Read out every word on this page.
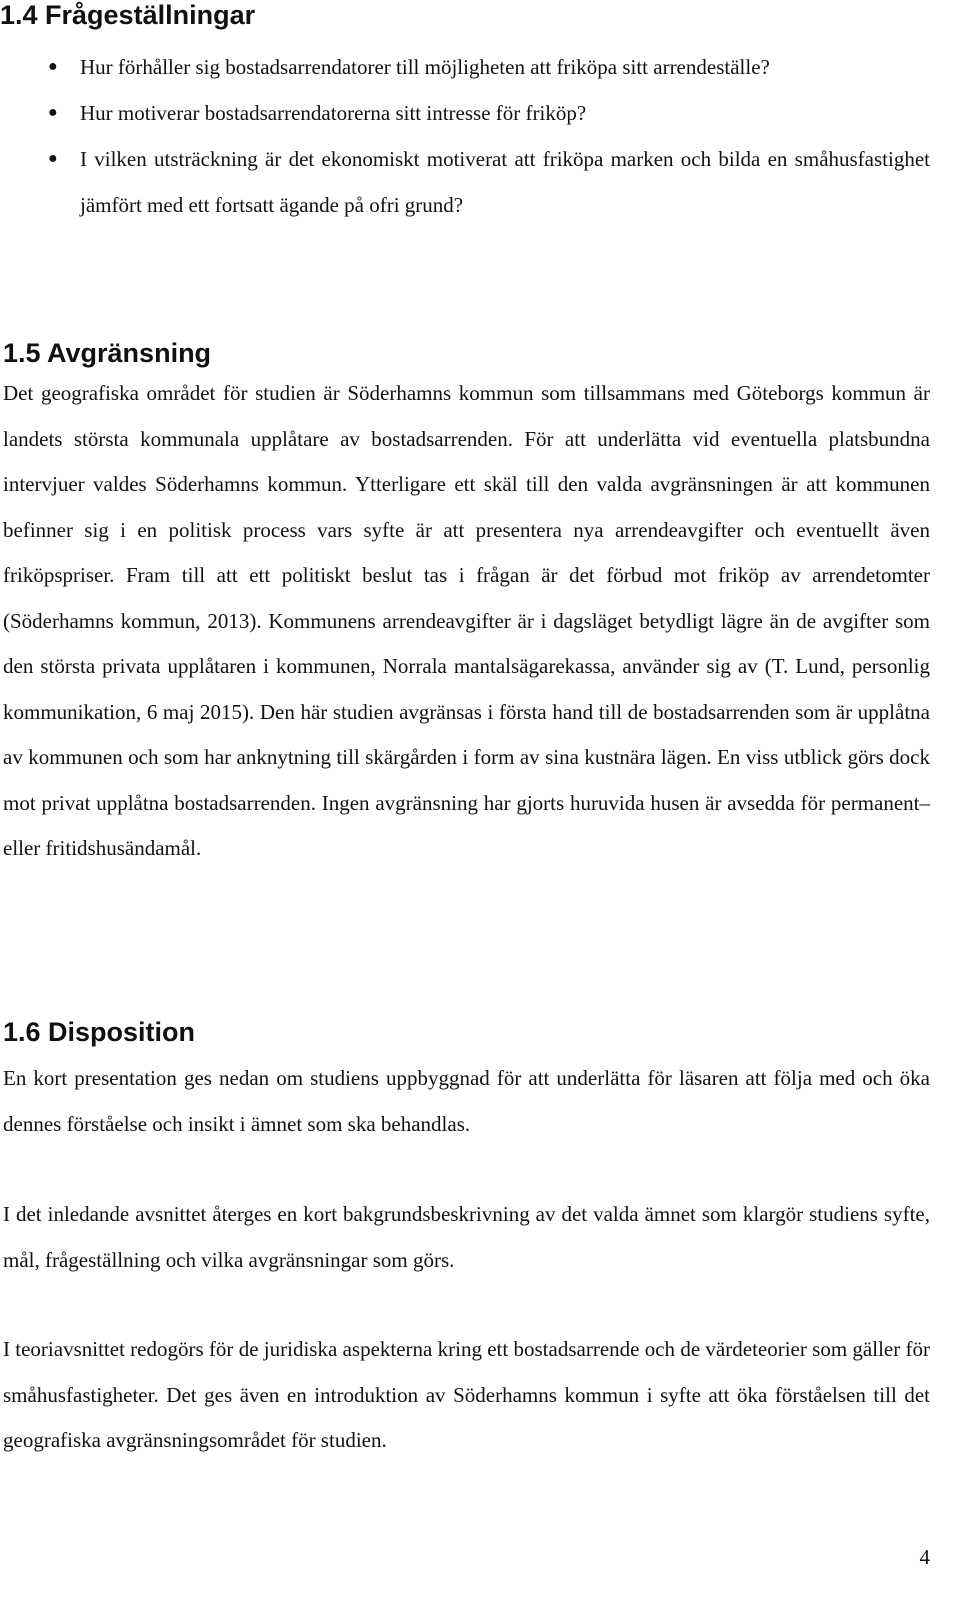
1.4 Frågeställningar
● Hur förhåller sig bostadsarrendatorer till möjligheten att friköpa sitt arrendeställe?
● Hur motiverar bostadsarrendatorerna sitt intresse för friköp?
● I vilken utsträckning är det ekonomiskt motiverat att friköpa marken och bilda en småhusfastighet jämfört med ett fortsatt ägande på ofri grund?
1.5 Avgränsning

Det geografiska området för studien är Söderhamns kommun som tillsammans med Göteborgs kommun är landets största kommunala upplåtare av bostadsarrenden. För att underlätta vid eventuella platsbundna intervjuer valdes Söderhamns kommun. Ytterligare ett skäl till den valda avgränsningen är att kommunen befinner sig i en politisk process vars syfte är att presentera nya arrendeavgifter och eventuellt även friköpspriser. Fram till att ett politiskt beslut tas i frågan är det förbud mot friköp av arrendetomter (Söderhamns kommun, 2013). Kommunens arrendeavgifter är i dagsläget betydligt lägre än de avgifter som den största privata upplåtaren i kommunen, Norrala mantalsägarekassa, använder sig av (T. Lund, personlig kommunikation, 6 maj 2015). Den här studien avgränsas i första hand till de bostadsarrenden som är upplåtna av kommunen och som har anknytning till skärgården i form av sina kustnära lägen. En viss utblick görs dock mot privat upplåtna bostadsarrenden. Ingen avgränsning har gjorts huruvida husen är avsedda för permanent– eller fritidshusändamål.

1.6 Disposition

En kort presentation ges nedan om studiens uppbyggnad för att underlätta för läsaren att följa med och öka dennes förståelse och insikt i ämnet som ska behandlas.

I det inledande avsnittet återges en kort bakgrundsbeskrivning av det valda ämnet som klargör studiens syfte, mål, frågeställning och vilka avgränsningar som görs.

I teoriavsnittet redogörs för de juridiska aspekterna kring ett bostadsarrende och de värdeteorier som gäller för småhusfastigheter. Det ges även en introduktion av Söderhamns kommun i syfte att öka förståelsen till det geografiska avgränsningsområdet för studien.

4
